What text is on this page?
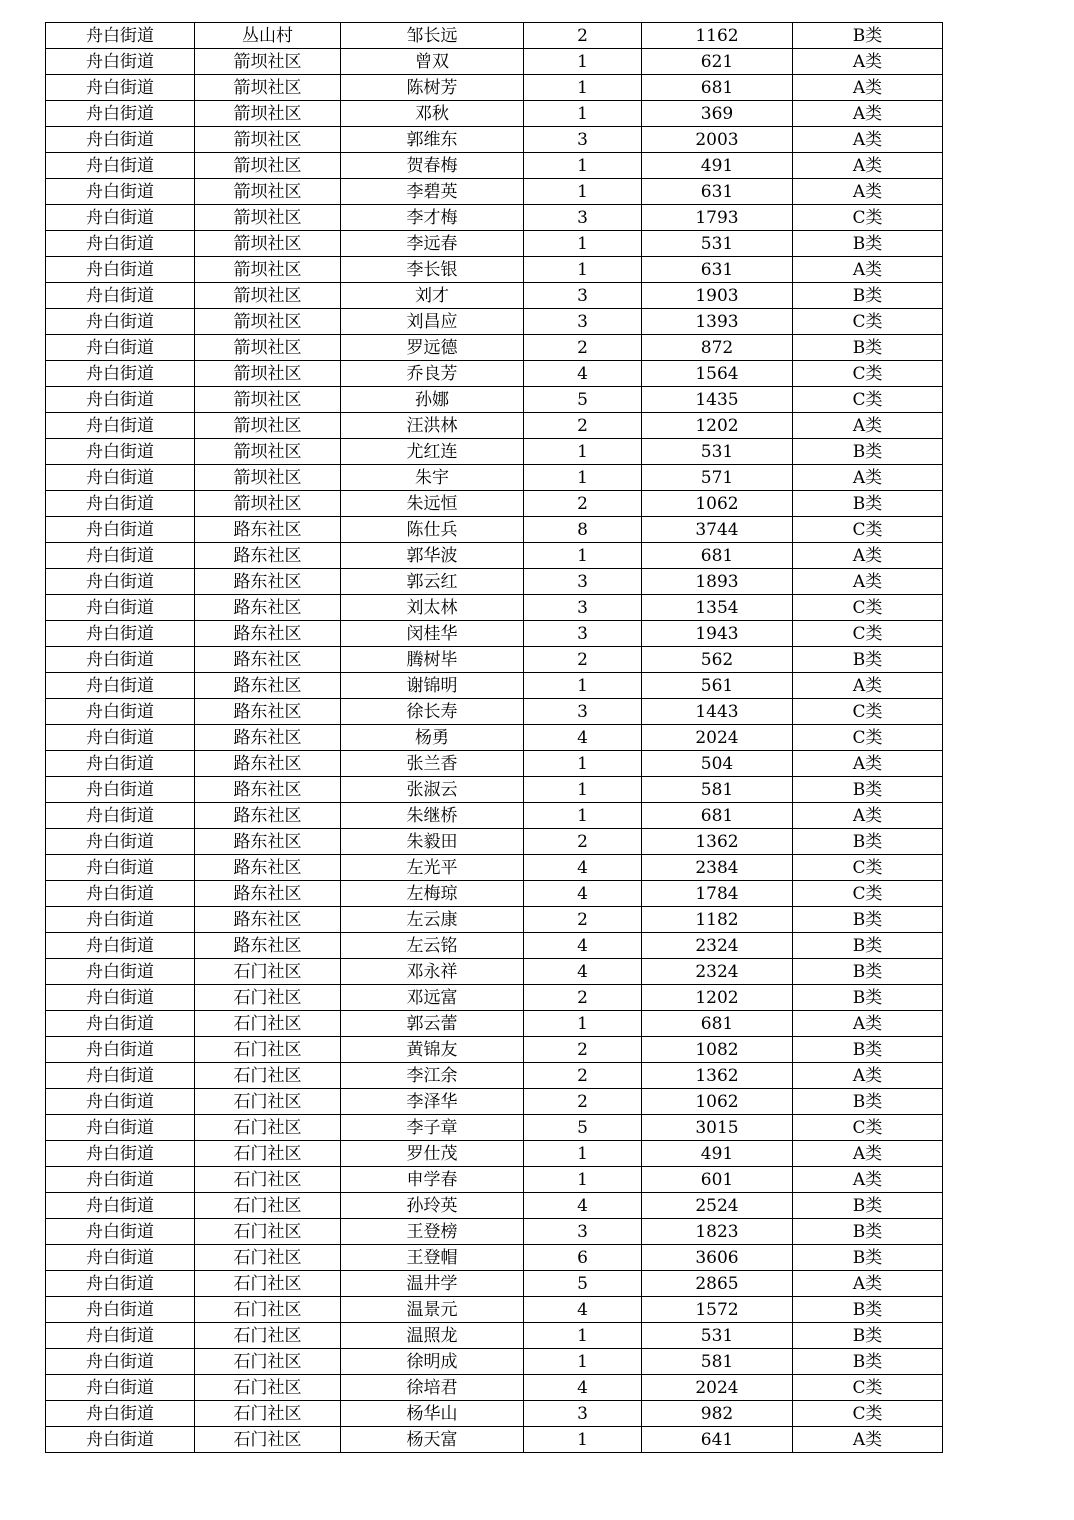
舟白街道	丛山村	邹长远	2	1162	B类
舟白街道	箭坝社区	曾双	1	621	A类
舟白街道	箭坝社区	陈树芳	1	681	A类
舟白街道	箭坝社区	邓秋	1	369	A类
舟白街道	箭坝社区	郭维东	3	2003	A类
舟白街道	箭坝社区	贺春梅	1	491	A类
舟白街道	箭坝社区	李碧英	1	631	A类
舟白街道	箭坝社区	李才梅	3	1793	C类
舟白街道	箭坝社区	李远春	1	531	B类
舟白街道	箭坝社区	李长银	1	631	A类
舟白街道	箭坝社区	刘才	3	1903	B类
舟白街道	箭坝社区	刘昌应	3	1393	C类
舟白街道	箭坝社区	罗远德	2	872	B类
舟白街道	箭坝社区	乔良芳	4	1564	C类
舟白街道	箭坝社区	孙娜	5	1435	C类
舟白街道	箭坝社区	汪洪林	2	1202	A类
舟白街道	箭坝社区	尤红连	1	531	B类
舟白街道	箭坝社区	朱宇	1	571	A类
舟白街道	箭坝社区	朱远恒	2	1062	B类
舟白街道	路东社区	陈仕兵	8	3744	C类
舟白街道	路东社区	郭华波	1	681	A类
舟白街道	路东社区	郭云红	3	1893	A类
舟白街道	路东社区	刘太林	3	1354	C类
舟白街道	路东社区	闵桂华	3	1943	C类
舟白街道	路东社区	腾树毕	2	562	B类
舟白街道	路东社区	谢锦明	1	561	A类
舟白街道	路东社区	徐长寿	3	1443	C类
舟白街道	路东社区	杨勇	4	2024	C类
舟白街道	路东社区	张兰香	1	504	A类
舟白街道	路东社区	张淑云	1	581	B类
舟白街道	路东社区	朱继桥	1	681	A类
舟白街道	路东社区	朱毅田	2	1362	B类
舟白街道	路东社区	左光平	4	2384	C类
舟白街道	路东社区	左梅琼	4	1784	C类
舟白街道	路东社区	左云康	2	1182	B类
舟白街道	路东社区	左云铭	4	2324	B类
舟白街道	石门社区	邓永祥	4	2324	B类
舟白街道	石门社区	邓远富	2	1202	B类
舟白街道	石门社区	郭云蕾	1	681	A类
舟白街道	石门社区	黄锦友	2	1082	B类
舟白街道	石门社区	李江余	2	1362	A类
舟白街道	石门社区	李泽华	2	1062	B类
舟白街道	石门社区	李子章	5	3015	C类
舟白街道	石门社区	罗仕茂	1	491	A类
舟白街道	石门社区	申学春	1	601	A类
舟白街道	石门社区	孙玲英	4	2524	B类
舟白街道	石门社区	王登榜	3	1823	B类
舟白街道	石门社区	王登帽	6	3606	B类
舟白街道	石门社区	温井学	5	2865	A类
舟白街道	石门社区	温景元	4	1572	B类
舟白街道	石门社区	温照龙	1	531	B类
舟白街道	石门社区	徐明成	1	581	B类
舟白街道	石门社区	徐培君	4	2024	C类
舟白街道	石门社区	杨华山	3	982	C类
舟白街道	石门社区	杨天富	1	641	A类
